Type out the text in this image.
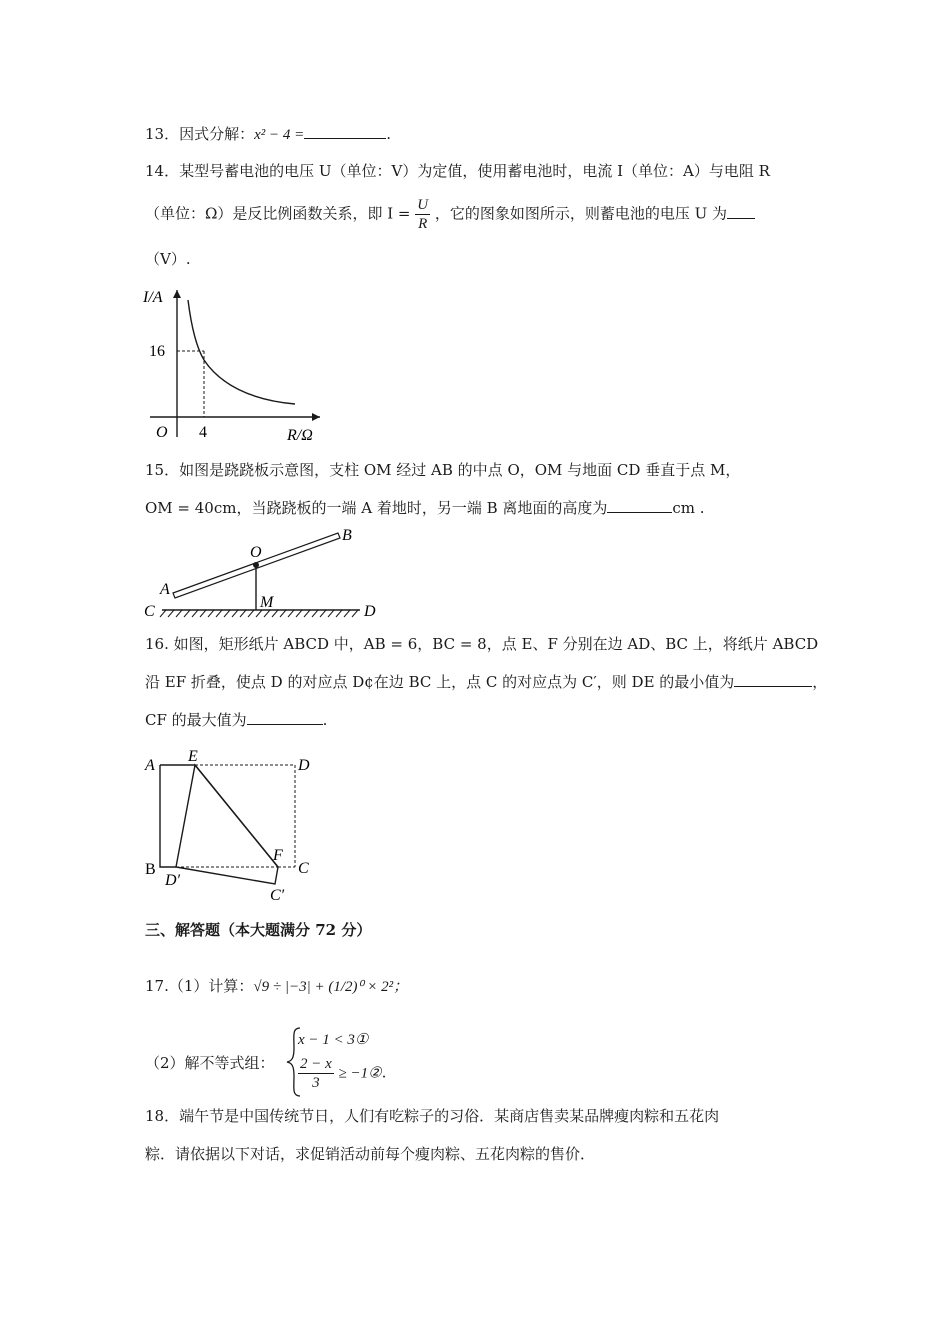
13．因式分解：x² − 4 =	.
14．某型号蓄电池的电压 U（单位：V）为定值，使用蓄电池时，电流 I（单位：A）与电阻 R
（单位：Ω）是反比例函数关系，即 $I = \frac{U}{R}$ ，它的图象如图所示，则蓄电池的电压 U 为
（V）.
I/A
16
O 4	R/Ω
15．如图是跷跷板示意图，支柱 OM 经过 AB 的中点 O，OM 与地面 CD 垂直于点 M，
OM = 40cm，当跷跷板的一端 A 着地时，另一端 B 离地面的高度为	cm .
A
B
O
M
C	D
16. 如图，矩形纸片 ABCD 中，AB = 6，BC = 8，点 E、F 分别在边 AD、BC 上，将纸片 ABCD
沿 EF 折叠，使点 D 的对应点 D¢在边 BC 上，点 C 的对应点为 C′，则 DE 的最小值为	，
CF 的最大值为	.
A
E
D
B
D′
F
C
C′
三、解答题（本大题满分 72 分）
17.（1）计算：√9 ÷ |−3| + (1/2)⁰ × 2²；
（2）解不等式组：
x − 1 < 3①
$\frac{2 - x}{3}$ ≥ −1②.
18．端午节是中国传统节日，人们有吃粽子的习俗．某商店售卖某品牌瘦肉粽和五花肉
粽．请依据以下对话，求促销活动前每个瘦肉粽、五花肉粽的售价．
